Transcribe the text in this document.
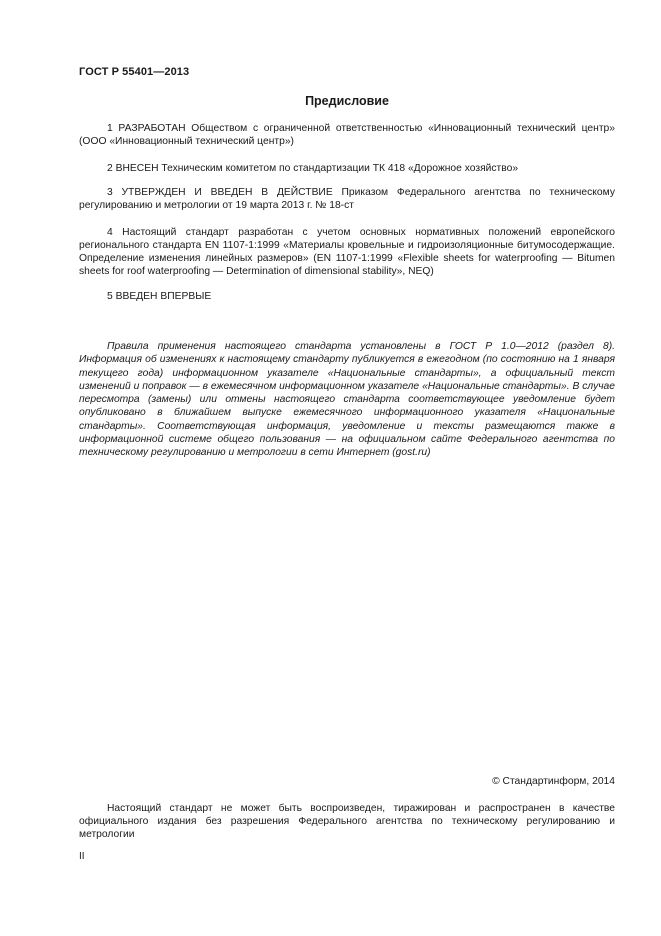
ГОСТ Р 55401—2013
Предисловие

1 РАЗРАБОТАН Обществом с ограниченной ответственностью «Инновационный технический центр» (ООО «Инновационный технический центр»)

2 ВНЕСЕН Техническим комитетом по стандартизации ТК 418 «Дорожное хозяйство»

3 УТВЕРЖДЕН И ВВЕДЕН В ДЕЙСТВИЕ Приказом Федерального агентства по техническому регулированию и метрологии от 19 марта 2013 г. № 18-ст

4 Настоящий стандарт разработан с учетом основных нормативных положений европейского регионального стандарта EN 1107-1:1999 «Материалы кровельные и гидроизоляционные битумосодержащие. Определение изменения линейных размеров» (EN 1107-1:1999 «Flexible sheets for waterproofing — Bitumen sheets for roof waterproofing — Determination of dimensional stability», NEQ)

5 ВВЕДЕН ВПЕРВЫЕ

Правила применения настоящего стандарта установлены в ГОСТ Р 1.0—2012 (раздел 8). Информация об изменениях к настоящему стандарту публикуется в ежегодном (по состоянию на 1 января текущего года) информационном указателе «Национальные стандарты», а официальный текст изменений и поправок — в ежемесячном информационном указателе «Национальные стандарты». В случае пересмотра (замены) или отмены настоящего стандарта соответствующее уведомление будет опубликовано в ближайшем выпуске ежемесячного информационного указателя «Национальные стандарты». Соответствующая информация, уведомление и тексты размещаются также в информационной системе общего пользования — на официальном сайте Федерального агентства по техническому регулированию и метрологии в сети Интернет (gost.ru)

© Стандартинформ, 2014

Настоящий стандарт не может быть воспроизведен, тиражирован и распространен в качестве официального издания без разрешения Федерального агентства по техническому регулированию и метрологии

II
